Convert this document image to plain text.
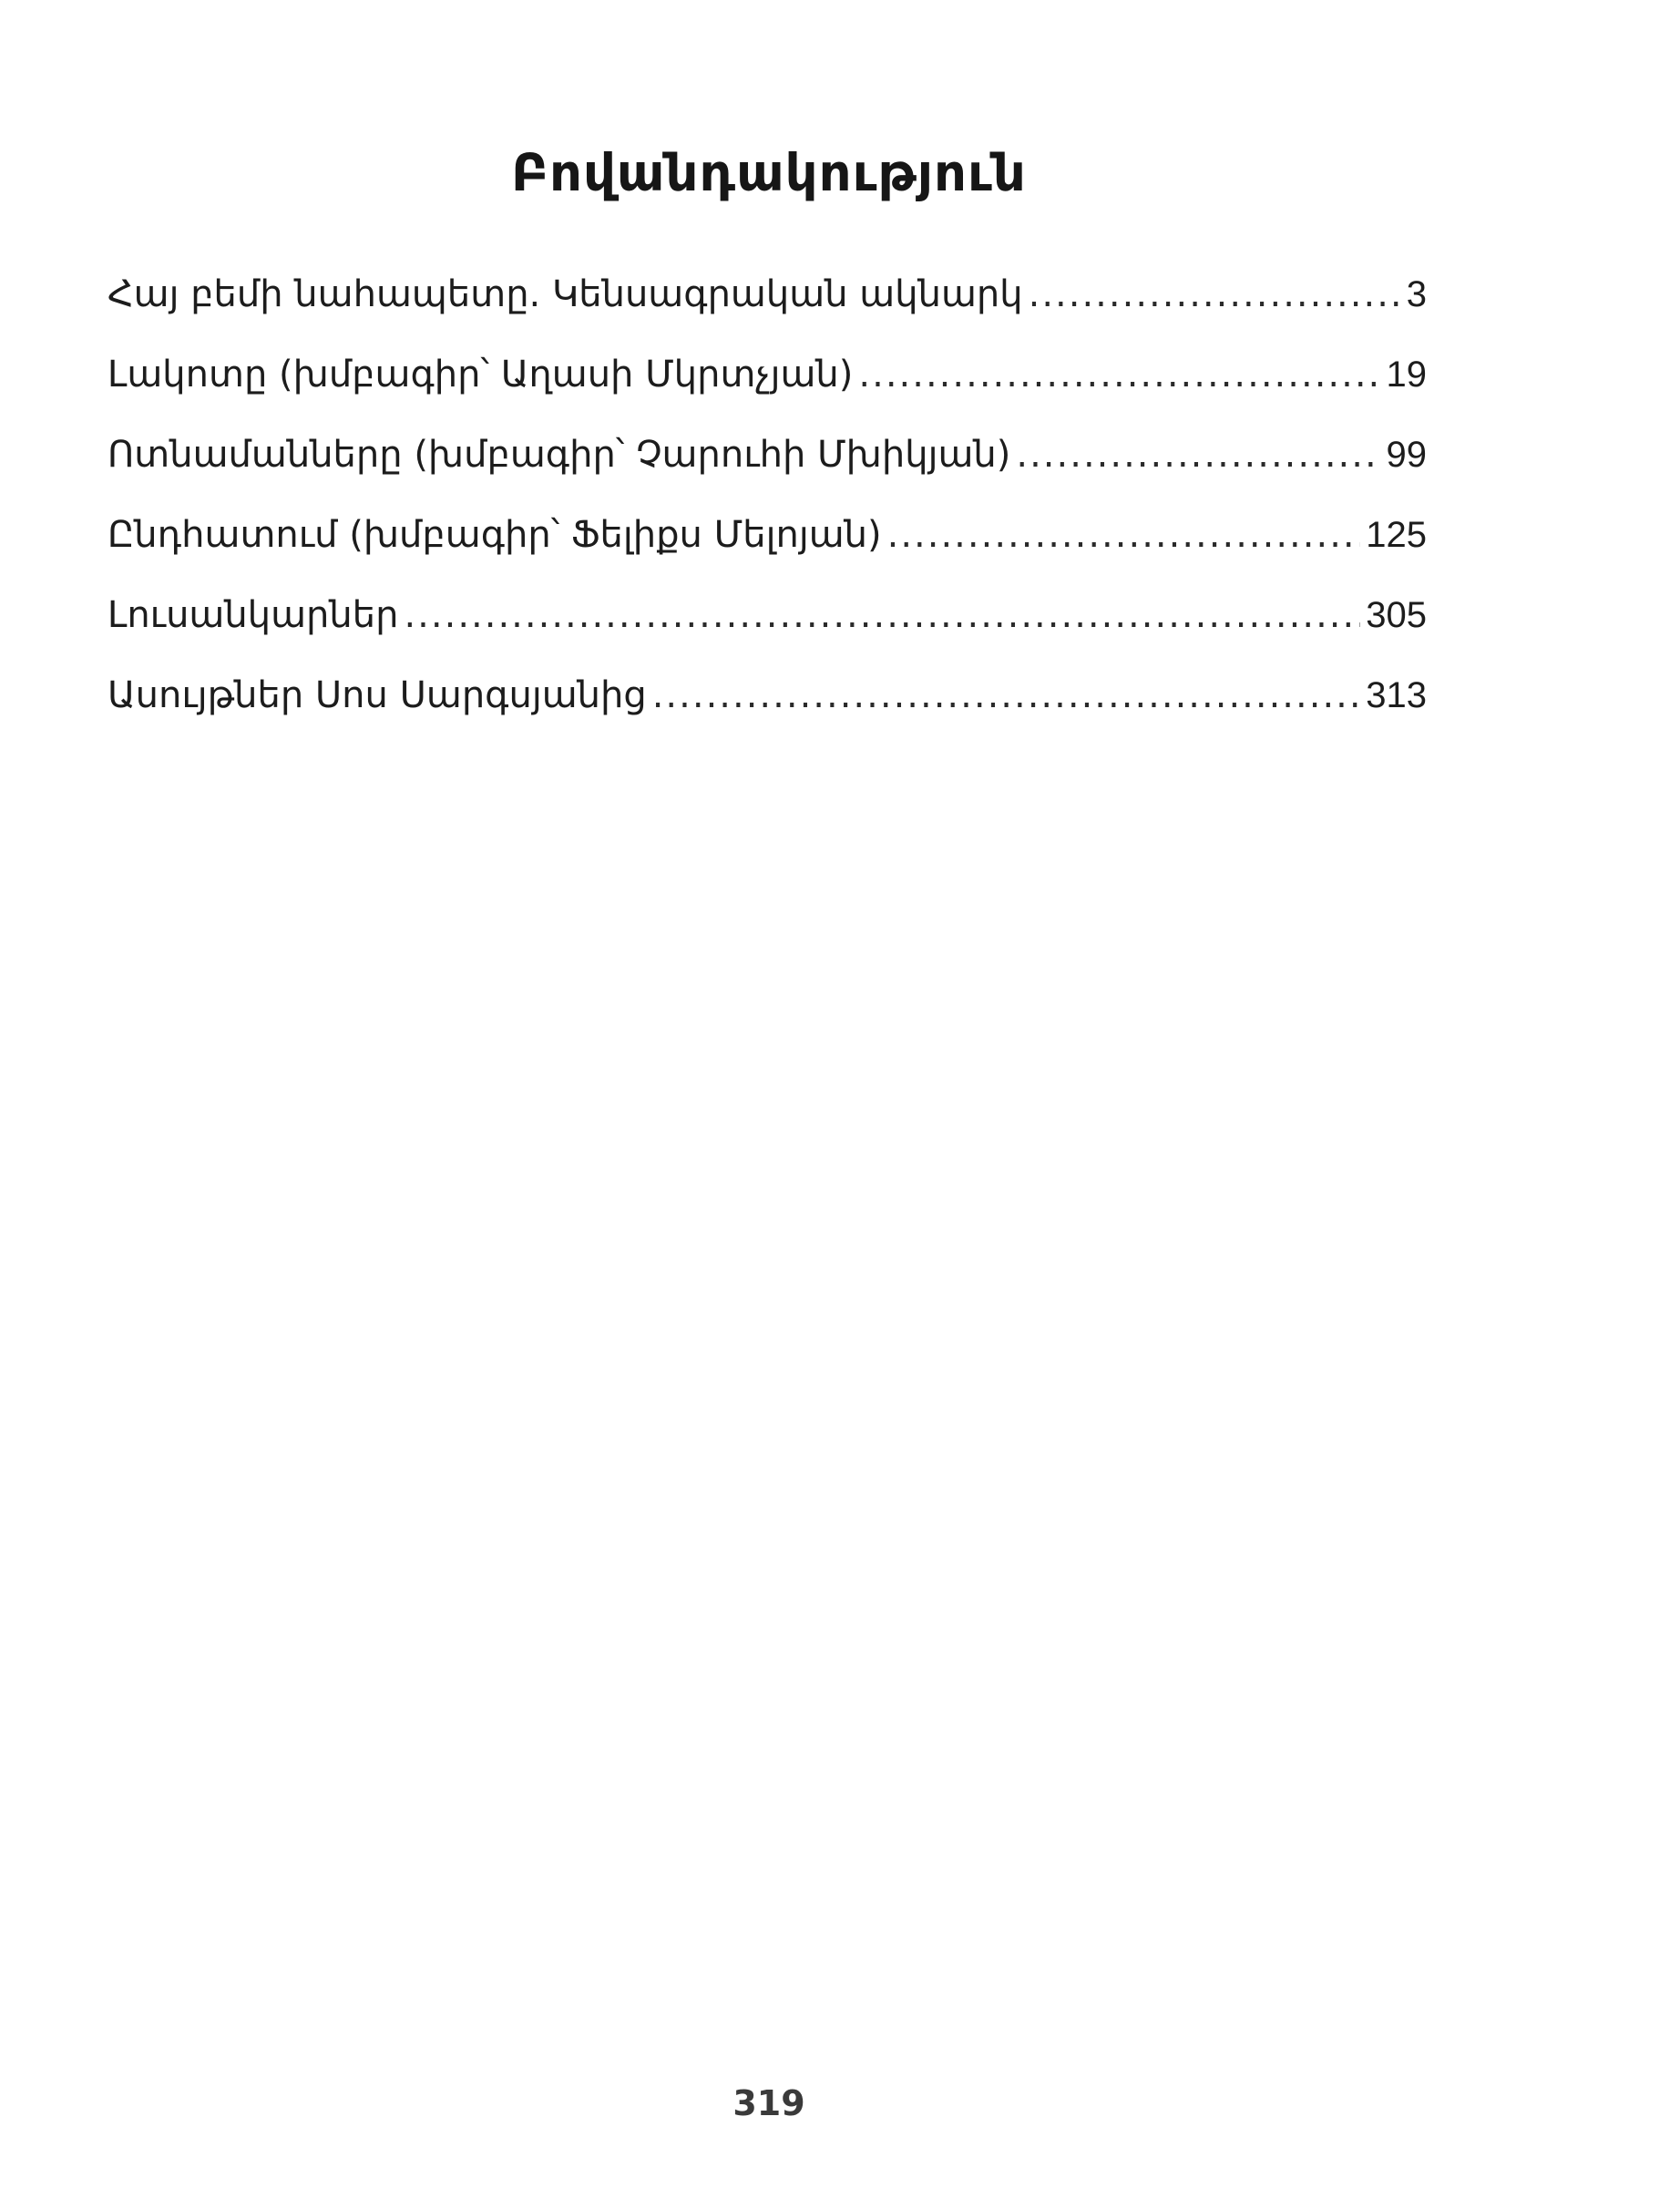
Բովանդակություն
Հայ բեմի նահապետը. Կենսագրական ակնարկ .....	3
Լակոտը (խմբագիր՝ Աղասի Մկրտչյան) .....	19
Ոտնամանները (խմբագիր՝ Չարուհի Մխիկյան) .....	99
Ընդհատում (խմբագիր՝ Ֆելիքս Մելոյան) .....	125
Լուսանկարներ .....	305
Ասույթներ Սոս Սարգսյանից .....	313
319
